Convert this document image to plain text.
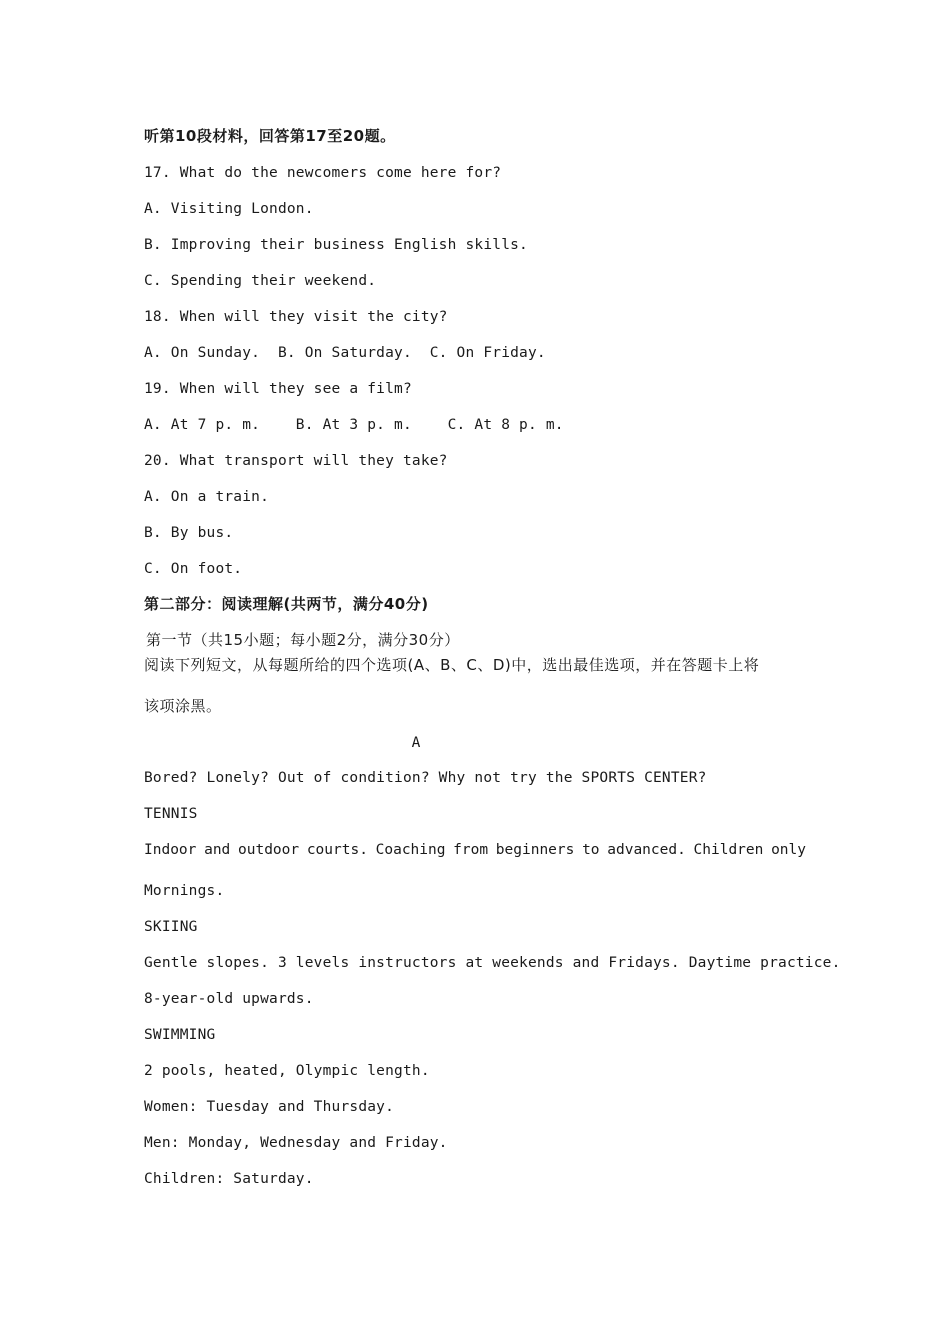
听第10段材料，回答第17至20题。
17. What do the newcomers come here for?
A. Visiting London.
B. Improving their business English skills.
C. Spending their weekend.
18. When will they visit the city?
A. On Sunday.  B. On Saturday.  C. On Friday.
19. When will they see a film?
A. At 7 p. m.    B. At 3 p. m.    C. At 8 p. m.
20. What transport will they take?
A. On a train.
B. By bus.
C. On foot.
第二部分：阅读理解(共两节，满分40分)
第一节（共15小题；每小题2分，满分30分）
阅读下列短文，从每题所给的四个选项(A、B、C、D)中，选出最佳选项，并在答题卡上将
该项涂黑。
A
Bored? Lonely? Out of condition? Why not try the SPORTS CENTER?
TENNIS
Indoor and outdoor courts. Coaching from beginners to advanced. Children only
Mornings.
SKIING
Gentle slopes. 3 levels instructors at weekends and Fridays. Daytime practice.
8-year-old upwards.
SWIMMING
2 pools, heated, Olympic length.
Women: Tuesday and Thursday.
Men: Monday, Wednesday and Friday.
Children: Saturday.
